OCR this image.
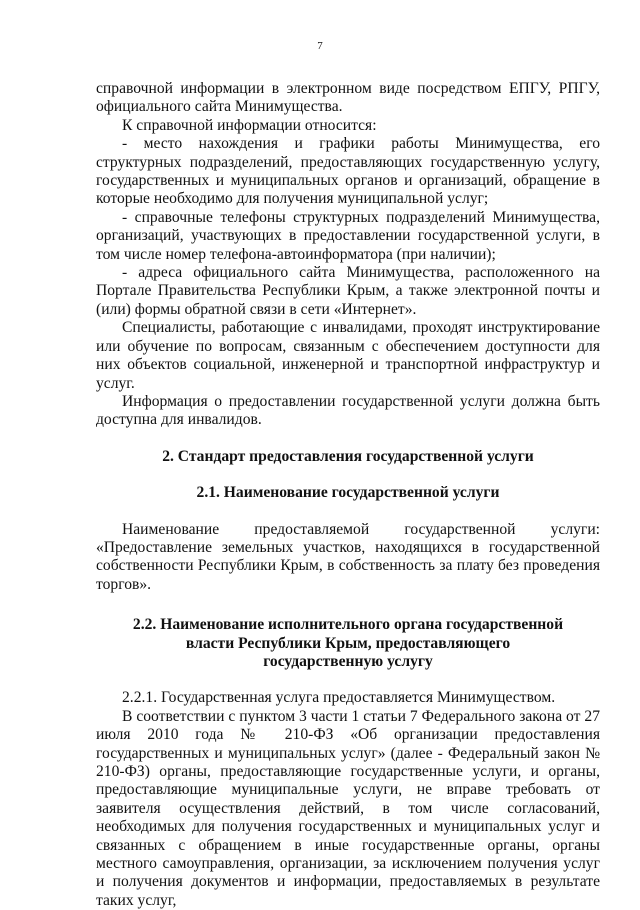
7

справочной информации в электронном виде посредством ЕПГУ, РПГУ, официального сайта Минимущества.

К справочной информации относится:

- место нахождения и графики работы Минимущества, его структурных подразделений, предоставляющих государственную услугу, государственных и муниципальных органов и организаций, обращение в которые необходимо для получения муниципальной услуг;

- справочные телефоны структурных подразделений Минимущества, организаций, участвующих в предоставлении государственной услуги, в том числе номер телефона-автоинформатора (при наличии);

- адреса официального сайта Минимущества, расположенного на Портале Правительства Республики Крым, а также электронной почты и (или) формы обратной связи в сети «Интернет».

Специалисты, работающие с инвалидами, проходят инструктирование или обучение по вопросам, связанным с обеспечением доступности для них объектов социальной, инженерной и транспортной инфраструктур и услуг.

Информация о предоставлении государственной услуги должна быть доступна для инвалидов.

2. Стандарт предоставления государственной услуги

2.1. Наименование государственной услуги

Наименование предоставляемой государственной услуги: «Предоставление земельных участков, находящихся в государственной собственности Республики Крым, в собственность за плату без проведения торгов».

2.2. Наименование исполнительного органа государственной власти Республики Крым, предоставляющего государственную услугу

2.2.1. Государственная услуга предоставляется Минимуществом.

В соответствии с пунктом 3 части 1 статьи 7 Федерального закона от 27 июля 2010 года № 210-ФЗ «Об организации предоставления государственных и муниципальных услуг» (далее - Федеральный закон № 210-ФЗ) органы, предоставляющие государственные услуги, и органы, предоставляющие муниципальные услуги, не вправе требовать от заявителя осуществления действий, в том числе согласований, необходимых для получения государственных и муниципальных услуг и связанных с обращением в иные государственные органы, органы местного самоуправления, организации, за исключением получения услуг и получения документов и информации, предоставляемых в результате таких услуг,
